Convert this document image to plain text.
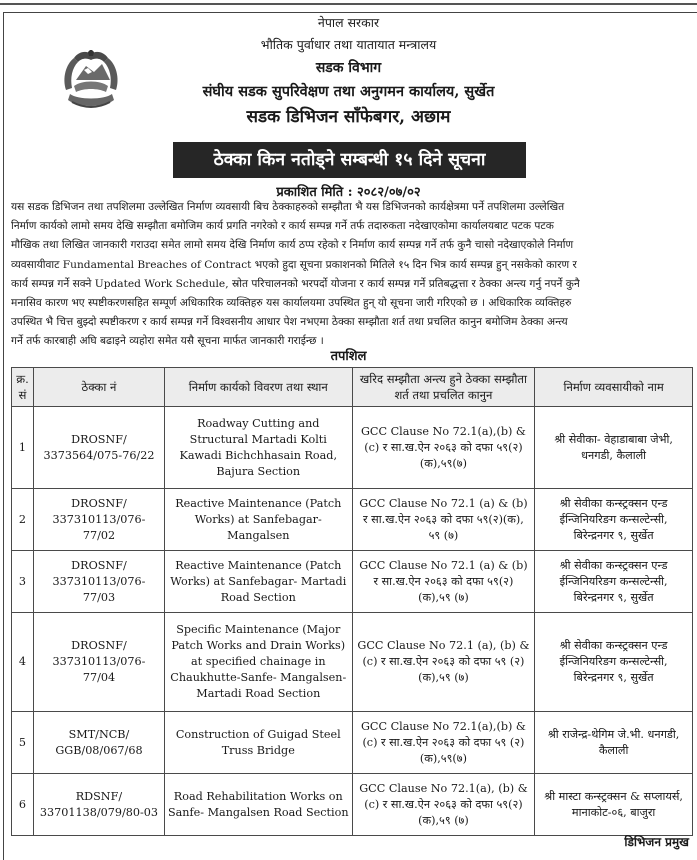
नेपाल सरकार
भौतिक पुर्वाधार तथा यातायात मन्त्रालय
सडक विभाग
संघीय सडक सुपरिवेक्षण तथा अनुगमन कार्यालय, सुर्खेत
सडक डिभिजन साँफेबगर, अछाम
ठेक्का किन नतोड्ने सम्बन्धी १५ दिने सूचना
प्रकाशित मिति : २०८२/०७/०२
यस सडक डिभिजन तथा तपशिलमा उल्लेखित निर्माण व्यवसायी बिच ठेक्काहरुको सम्झौता भै यस डिभिजनको कार्यक्षेत्रमा पर्ने तपशिलमा उल्लेखित
निर्माण कार्यको लामो समय देखि सम्झौता बमोजिम कार्य प्रगति नगरेको र कार्य सम्पन्न गर्ने तर्फ तदारुकता नदेखाएकोमा कार्यालयबाट पटक पटक
मौखिक तथा लिखित जानकारी गराउदा समेत लामो समय देखि निर्माण कार्य ठप्प रहेको र निर्माण कार्य सम्पन्न गर्ने तर्फ कुनै चासो नदेखाएकोले निर्माण
व्यवसायीवाट Fundamental Breaches of Contract भएको हुदा सूचना प्रकाशनको मितिले १५ दिन भित्र कार्य सम्पन्न हुन् नसकेको कारण र
कार्य सम्पन्न गर्ने सक्ने Updated Work Schedule, स्रोत परिचालनको भरपर्दो योजना र कार्य सम्पन्न गर्ने प्रतिबद्धत्ता र ठेक्का अन्त्य गर्नु नपर्ने कुनै
मनासिव कारण भए स्पष्टीकरणसहित सम्पूर्ण अधिकारिक व्यक्तिहरु यस कार्यालयमा उपस्थित हुन् यो सूचना जारी गरिएको छ । अधिकारिक व्यक्तिहरु
उपस्थित भै चित्त बुझ्दो स्पष्टीकरण र कार्य सम्पन्न गर्ने विश्वसनीय आधार पेश नभएमा ठेक्का सम्झौता शर्त तथा प्रचलित कानुन बमोजिम ठेक्का अन्त्य
गर्ने तर्फ कारबाही अघि बढाइने व्यहोरा समेत यसै सूचना मार्फत जानकारी गराईन्छ ।
तपशिल
क्र. सं	ठेक्का नं	निर्माण कार्यको विवरण तथा स्थान	खरिद सम्झौता अन्त्य हुने ठेक्का सम्झौता शर्त तथा प्रचलित कानुन	निर्माण व्यवसायीको नाम
1	DROSNF/ 3373564/075-76/22	Roadway Cutting and Structural Martadi Kolti Kawadi Bichchhasain Road, Bajura Section	GCC Clause No 72.1(a),(b) & (c) र सा.ख.ऐन २०६३ को दफा ५९(२)(क),५९(७)	श्री सेवीका- वेहाडाबाबा जेभी, धनगडी, कैलाली
2	DROSNF/ 337310113/076-77/02	Reactive Maintenance (Patch Works) at Sanfebagar-Mangalsen	GCC Clause No 72.1 (a) & (b) र सा.ख.ऐन २०६३ को दफा ५९(२)(क), ५९ (७)	श्री सेवीका कन्स्ट्रक्सन एन्ड ईन्जिनियरिङग कन्सल्टेन्सी, बिरेन्द्रनगर ९, सुर्खेत
3	DROSNF/ 337310113/076-77/03	Reactive Maintenance (Patch Works) at Sanfebagar- Martadi Road Section	GCC Clause No 72.1 (a) & (b) र सा.ख.ऐन २०६३ को दफा ५९(२) (क),५९ (७)	श्री सेवीका कन्स्ट्रक्सन एन्ड ईन्जिनियरिङग कन्सल्टेन्सी, बिरेन्द्रनगर ९, सुर्खेत
4	DROSNF/ 337310113/076-77/04	Specific Maintenance (Major Patch Works and Drain Works) at specified chainage in Chaukhutte-Sanfe- Mangalsen-Martadi Road Section	GCC Clause No 72.1 (a), (b) & (c) र सा.ख.ऐन २०६३ को दफा ५९ (२)(क),५९ (७)	श्री सेवीका कन्स्ट्रक्सन एन्ड ईन्जिनियरिङग कन्सल्टेन्सी, बिरेन्द्रनगर ९, सुर्खेत
5	SMT/NCB/ GGB/08/067/68	Construction of Guigad Steel Truss Bridge	GCC Clause No 72.1(a),(b) & (c) र सा.ख.ऐन २०६३ को दफा ५९ (२) (क),५९(७)	श्री राजेन्द्र-थेगिम जे.भी. धनगडी, कैलाली
6	RDSNF/ 33701138/079/80-03	Road Rehabilitation Works on Sanfe- Mangalsen Road Section	GCC Clause No 72.1(a), (b) & (c) र सा.ख.ऐन २०६३ को दफा ५९(२) (क),५९ (७)	श्री मास्टा कन्स्ट्रक्सन & सप्लायर्स, मानाकोट-०६, बाजुरा
डिभिजन प्रमुख
